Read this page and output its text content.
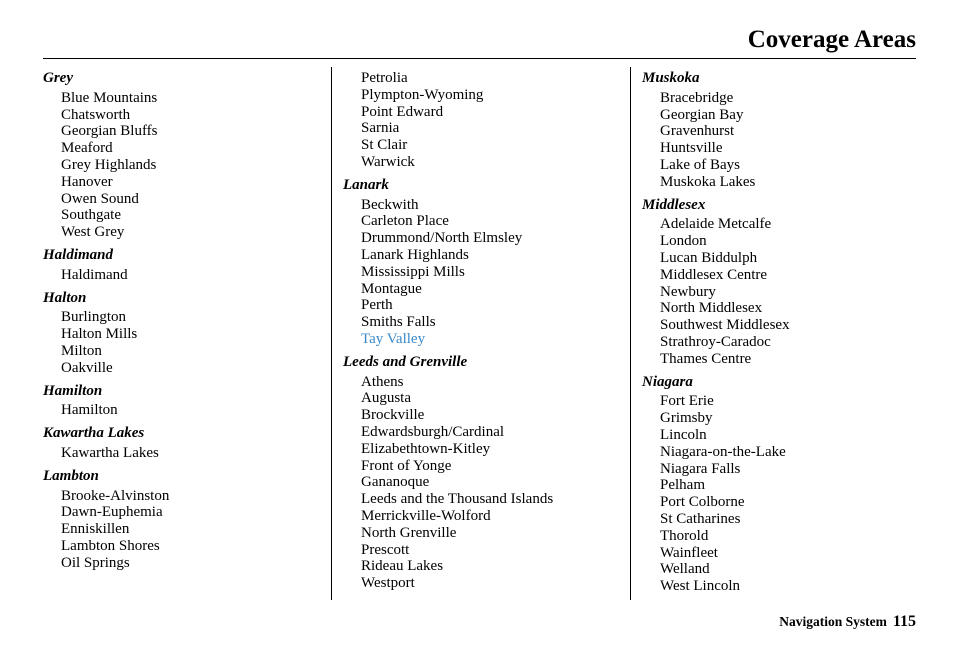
Coverage Areas
Grey
Blue Mountains
Chatsworth
Georgian Bluffs
Meaford
Grey Highlands
Hanover
Owen Sound
Southgate
West Grey
Haldimand
Haldimand
Halton
Burlington
Halton Mills
Milton
Oakville
Hamilton
Hamilton
Kawartha Lakes
Kawartha Lakes
Lambton
Brooke-Alvinston
Dawn-Euphemia
Enniskillen
Lambton Shores
Oil Springs
Petrolia
Plympton-Wyoming
Point Edward
Sarnia
St Clair
Warwick
Lanark
Beckwith
Carleton Place
Drummond/North Elmsley
Lanark Highlands
Mississippi Mills
Montague
Perth
Smiths Falls
Tay Valley
Leeds and Grenville
Athens
Augusta
Brockville
Edwardsburgh/Cardinal
Elizabethtown-Kitley
Front of Yonge
Gananoque
Leeds and the Thousand Islands
Merrickville-Wolford
North Grenville
Prescott
Rideau Lakes
Westport
Muskoka
Bracebridge
Georgian Bay
Gravenhurst
Huntsville
Lake of Bays
Muskoka Lakes
Middlesex
Adelaide Metcalfe
London
Lucan Biddulph
Middlesex Centre
Newbury
North Middlesex
Southwest Middlesex
Strathroy-Caradoc
Thames Centre
Niagara
Fort Erie
Grimsby
Lincoln
Niagara-on-the-Lake
Niagara Falls
Pelham
Port Colborne
St Catharines
Thorold
Wainfleet
Welland
West Lincoln
Navigation System 115
